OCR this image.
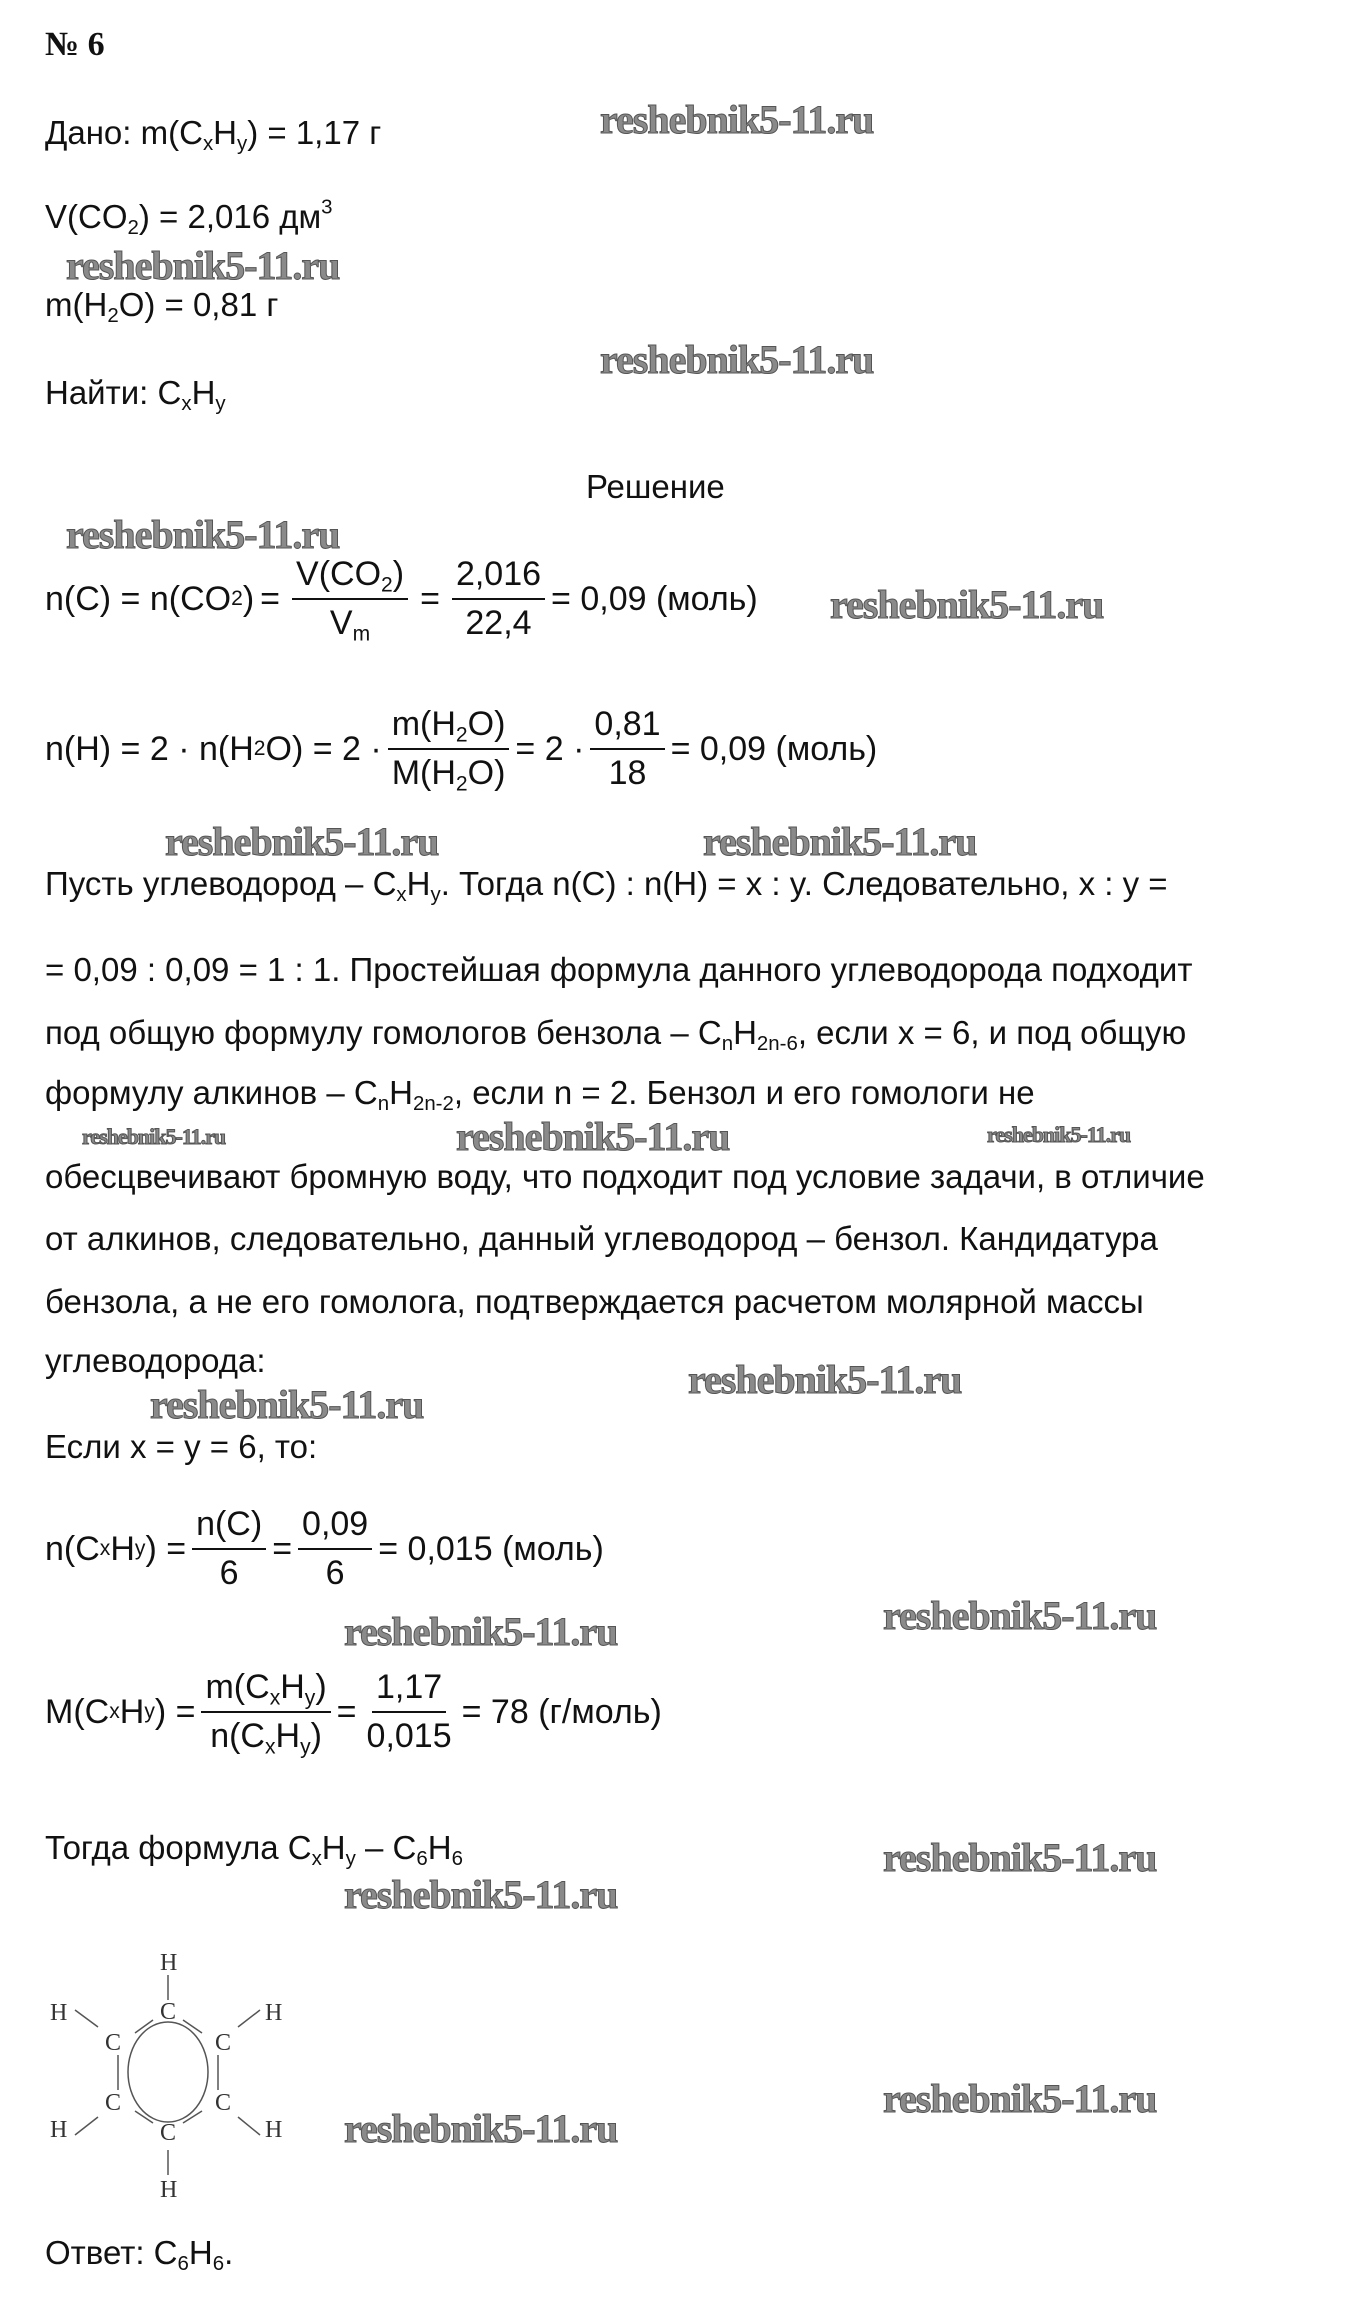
№ 6
Дано: $m(C_xH_y) = 1,17$ г
$V(CO_2) = 2,016$ $дм^3$
$m(H_2O) = 0,81$ г
Найти: $C_xH_y$
Решение
n(C) = n(CO 2 ) = $\frac{V(CO_2)}{V_m} = \frac{2,016}{22,4} = 0,09$ (моль)
n(H) = 2 · n(H 2 $O) = 2 \cdot \frac{m(H_2O)}{M(H_2O)} = 2 \cdot \frac{0,81}{18} = 0,09$ (моль)
Пусть углеводород – $C_xH_y$. Тогда n(C) : n(H) = x : y. Следовательно, x : y =
= 0,09 : 0,09 = 1 : 1. Простейшая формула данного углеводорода подходит
под общую формулу гомологов бензола – $C_nH_{2n-6}$, если x = 6, и под общую
формулу алкинов – $C_nH_{2n-2}$, если n = 2. Бензол и его гомологи не
обесцвечивают бромную воду, что подходит под условие задачи, в отличие
от алкинов, следовательно, данный углеводород – бензол. Кандидатура
бензола, а не его гомолога, подтверждается расчетом молярной массы
углеводорода:
Если x = y = 6, то:
n(C x H y ) = $\frac{n(C)}{6} = \frac{0,09}{6} = 0,015$ (моль)
M(C x H y ) = $\frac{m(C_xH_y)}{n(C_xH_y)} = \frac{1,17}{0,015} = 78$ (г/моль)
Тогда формула $C_xH_y - C_6H_6$
H
C
H	H
C	C
C	C
H	H
C
H
Ответ: $C_6H_6$.
reshebnik5-11.ru
reshebnik5-11.ru
reshebnik5-11.ru
reshebnik5-11.ru
reshebnik5-11.ru
reshebnik5-11.ru	reshebnik5-11.ru
reshebnik5-11.ru	reshebnik5-11.ru	reshebnik5-11.ru
reshebnik5-11.ru
reshebnik5-11.ru
reshebnik5-11.ru
reshebnik5-11.ru
reshebnik5-11.ru
reshebnik5-11.ru
reshebnik5-11.ru
reshebnik5-11.ru
